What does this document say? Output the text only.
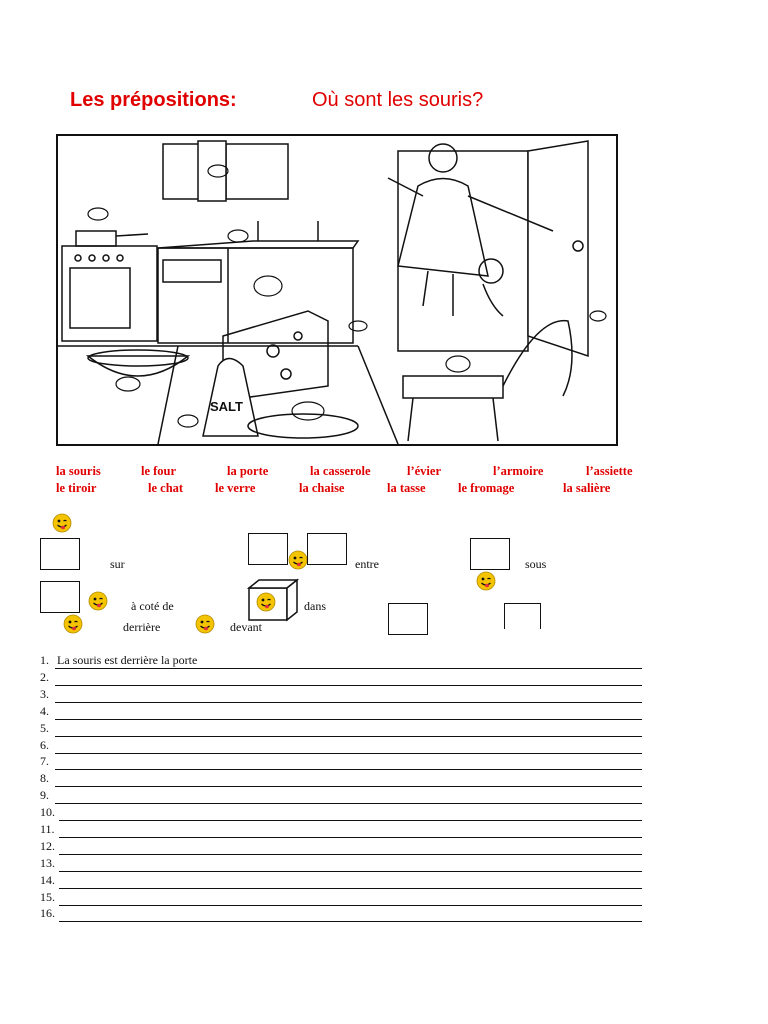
Les prépositions:	Où sont les souris?
SALT
la souris	le four	la porte	la casserole	l’évier	l’armoire	l’assiette
le tiroir	le chat	le verre	la chaise	la tasse	le fromage	la salière
sur	entre	sous
à coté de	dans
derrière	devant
1. La souris est derrière la porte
2.
3.
4.
5.
6.
7.
8.
9.
10.
11.
12.
13.
14.
15.
16.
